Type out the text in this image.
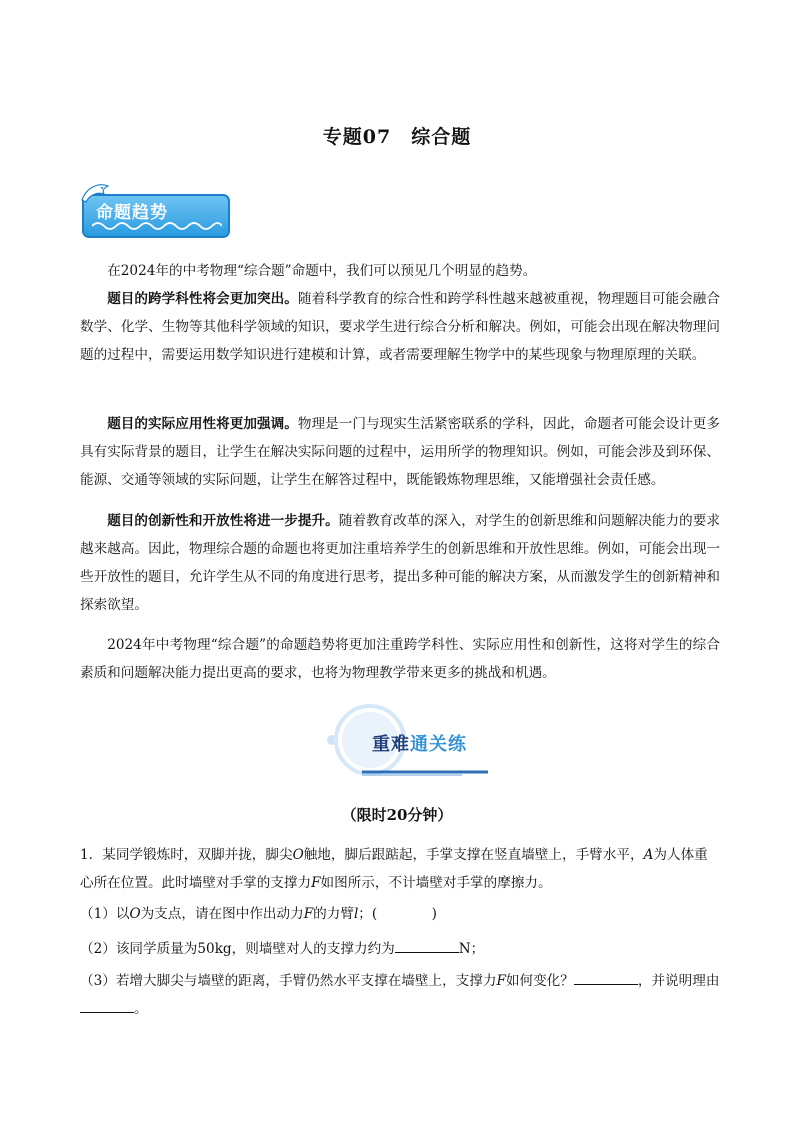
专题07　综合题
命题趋势
在2024年的中考物理“综合题”命题中，我们可以预见几个明显的趋势。
题目的跨学科性将会更加突出。随着科学教育的综合性和跨学科性越来越被重视，物理题目可能会融合数学、化学、生物等其他科学领域的知识，要求学生进行综合分析和解决。例如，可能会出现在解决物理问题的过程中，需要运用数学知识进行建模和计算，或者需要理解生物学中的某些现象与物理原理的关联。
题目的实际应用性将更加强调。物理是一门与现实生活紧密联系的学科，因此，命题者可能会设计更多具有实际背景的题目，让学生在解决实际问题的过程中，运用所学的物理知识。例如，可能会涉及到环保、能源、交通等领域的实际问题，让学生在解答过程中，既能锻炼物理思维，又能增强社会责任感。
题目的创新性和开放性将进一步提升。随着教育改革的深入，对学生的创新思维和问题解决能力的要求越来越高。因此，物理综合题的命题也将更加注重培养学生的创新思维和开放性思维。例如，可能会出现一些开放性的题目，允许学生从不同的角度进行思考，提出多种可能的解决方案，从而激发学生的创新精神和探索欲望。
2024年中考物理“综合题”的命题趋势将更加注重跨学科性、实际应用性和创新性，这将对学生的综合素质和问题解决能力提出更高的要求，也将为物理教学带来更多的挑战和机遇。
重难通关练
（限时20分钟）
1．某同学锻炼时，双脚并拢，脚尖O触地，脚后跟踮起，手掌支撑在竖直墙壁上，手臂水平，A为人体重心所在位置。此时墙壁对手掌的支撑力F如图所示，不计墙壁对手掌的摩擦力。
（1）以O为支点，请在图中作出动力F的力臂l；(　　　　)
（2）该同学质量为50kg，则墙壁对人的支撑力约为	N；
（3）若增大脚尖与墙壁的距离，手臂仍然水平支撑在墙壁上，支撑力F如何变化？	，并说明理由。
